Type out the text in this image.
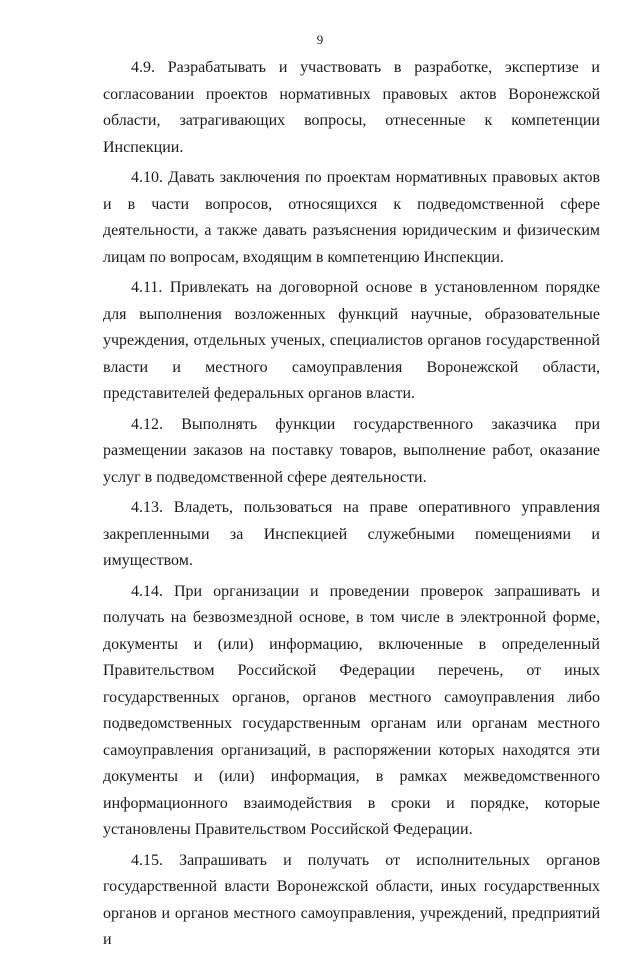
9

4.9. Разрабатывать и участвовать в разработке, экспертизе и согласовании проектов нормативных правовых актов Воронежской области, затрагивающих вопросы, отнесенные к компетенции Инспекции.

4.10. Давать заключения по проектам нормативных правовых актов и в части вопросов, относящихся к подведомственной сфере деятельности, а также давать разъяснения юридическим и физическим лицам по вопросам, входящим в компетенцию Инспекции.

4.11. Привлекать на договорной основе в установленном порядке для выполнения возложенных функций научные, образовательные учреждения, отдельных ученых, специалистов органов государственной власти и местного самоуправления Воронежской области, представителей федеральных органов власти.

4.12. Выполнять функции государственного заказчика при размещении заказов на поставку товаров, выполнение работ, оказание услуг в подведомственной сфере деятельности.

4.13. Владеть, пользоваться на праве оперативного управления закрепленными за Инспекцией служебными помещениями и имуществом.

4.14. При организации и проведении проверок запрашивать и получать на безвозмездной основе, в том числе в электронной форме, документы и (или) информацию, включенные в определенный Правительством Российской Федерации перечень, от иных государственных органов, органов местного самоуправления либо подведомственных государственным органам или органам местного самоуправления организаций, в распоряжении которых находятся эти документы и (или) информация, в рамках межведомственного информационного взаимодействия в сроки и порядке, которые установлены Правительством Российской Федерации.

4.15. Запрашивать и получать от исполнительных органов государственной власти Воронежской области, иных государственных органов и органов местного самоуправления, учреждений, предприятий и
